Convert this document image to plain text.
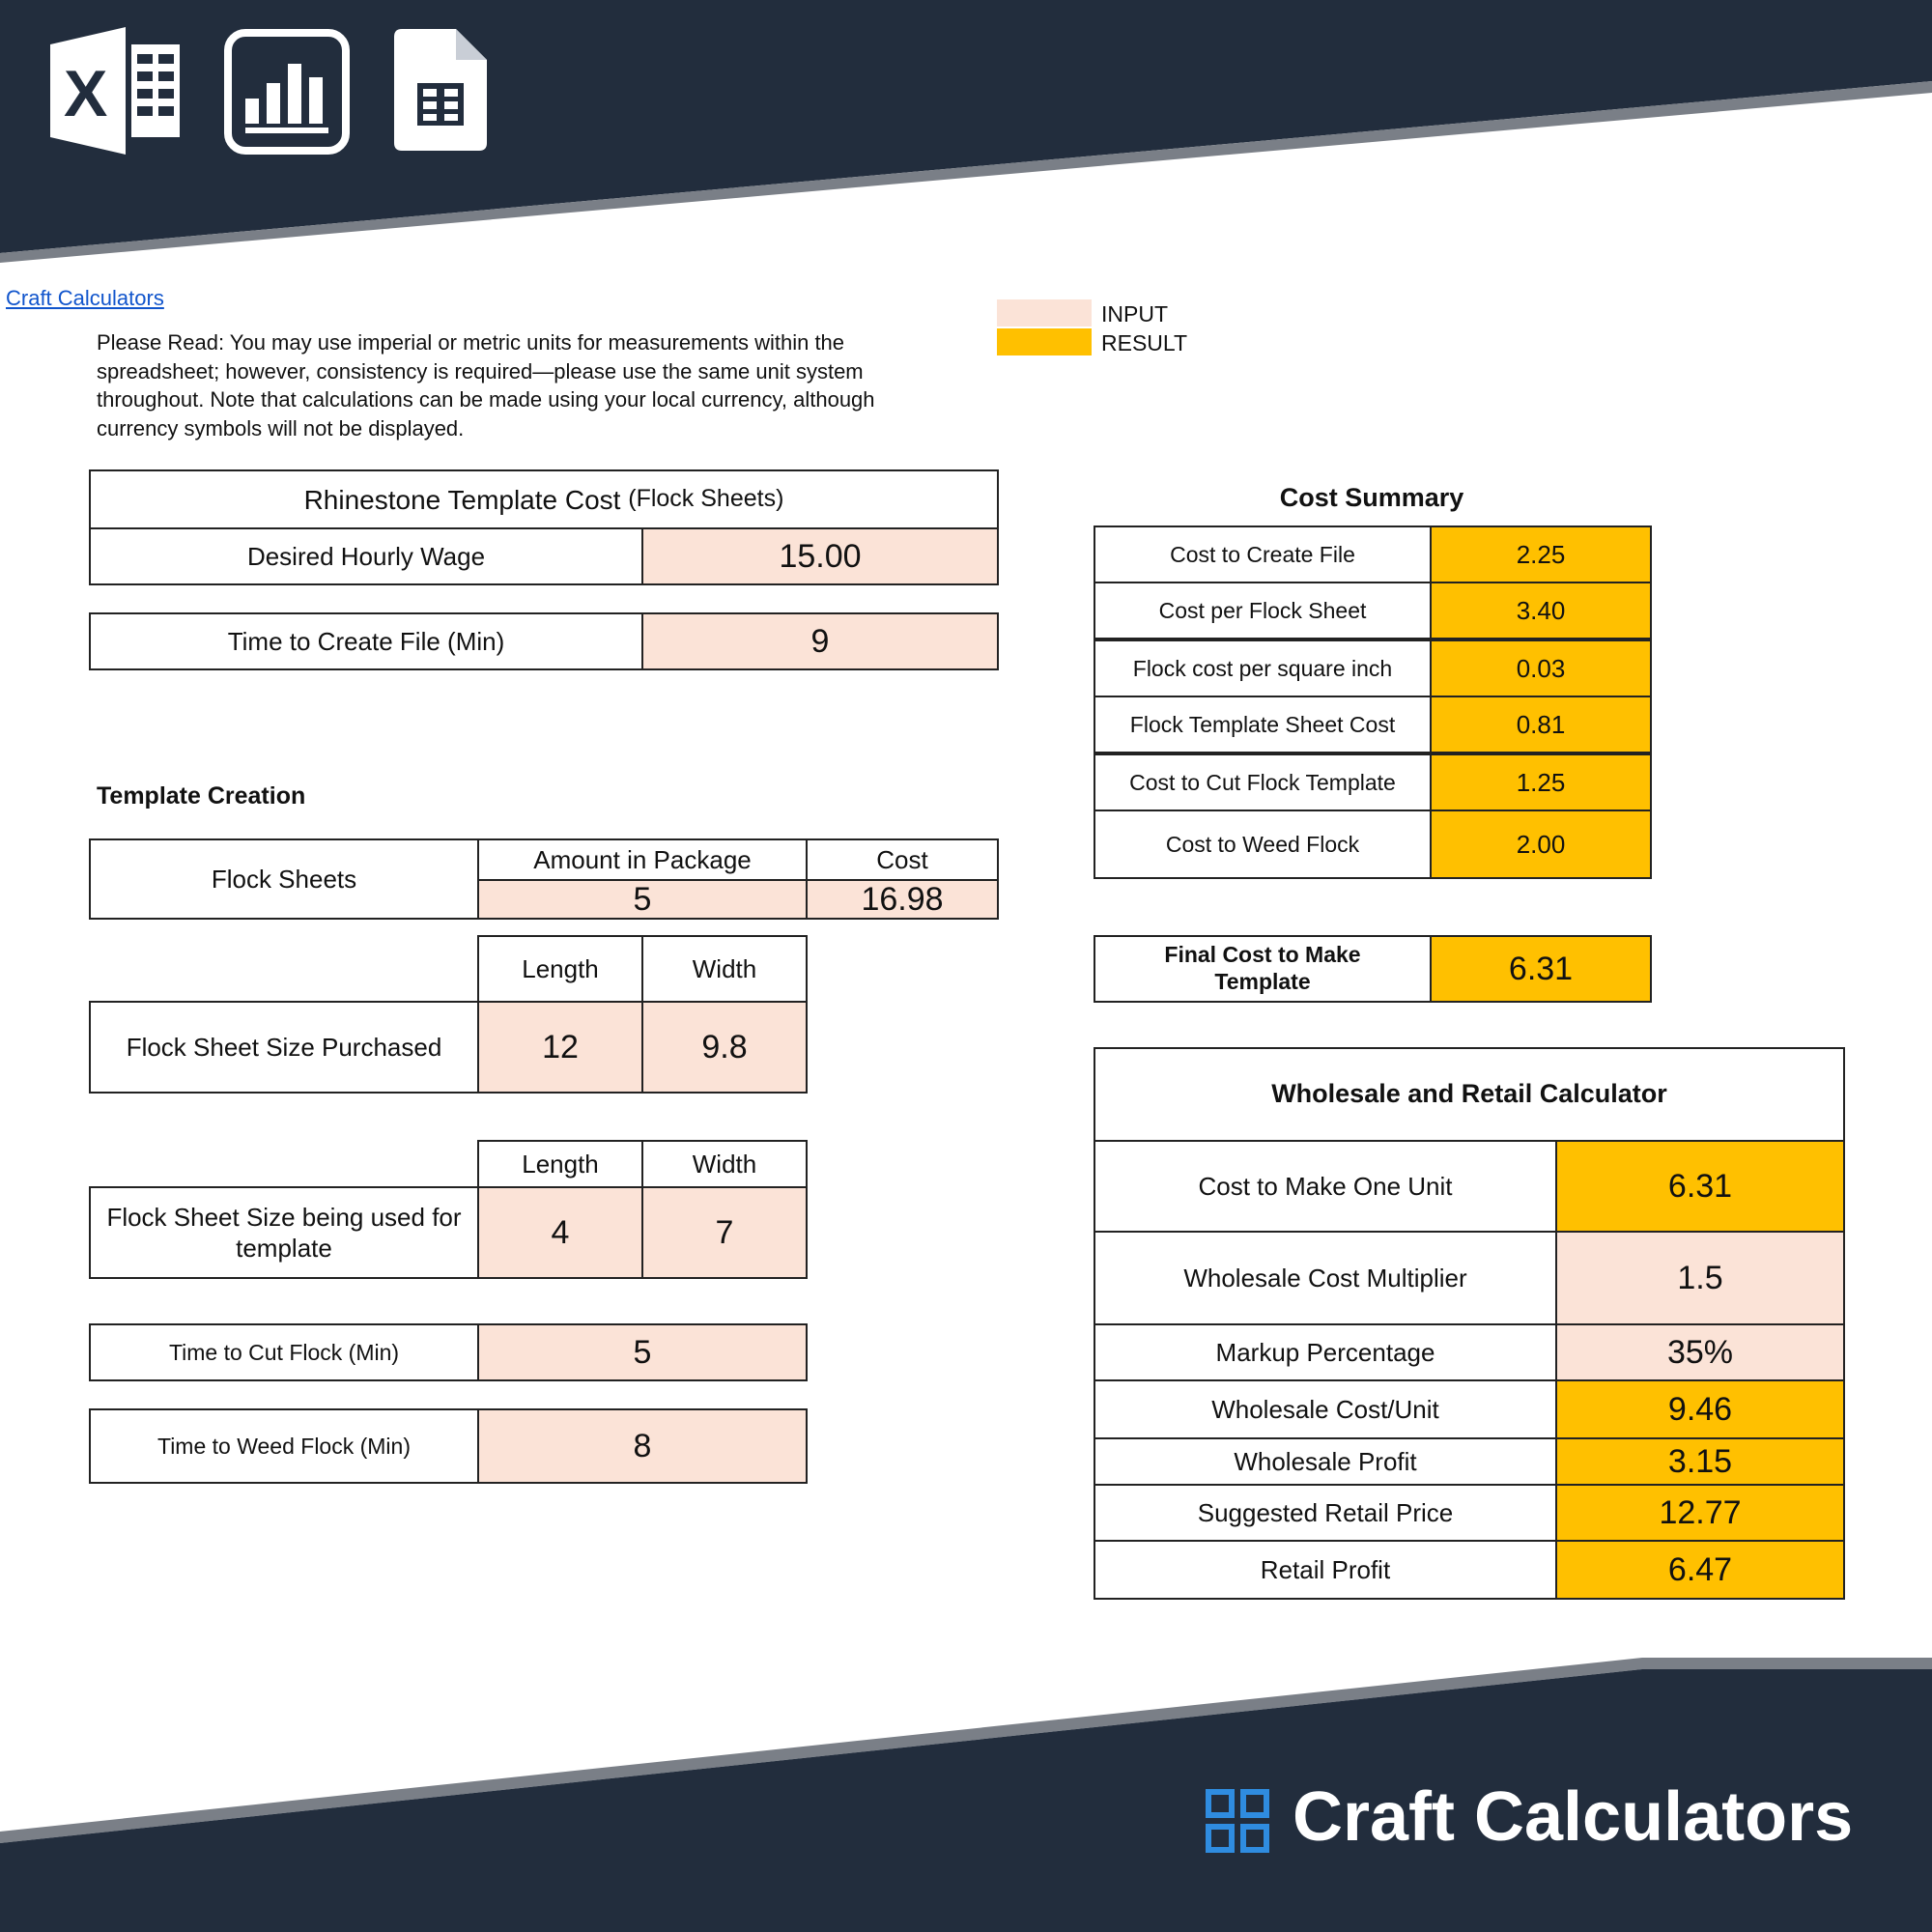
X
Craft Calculators
Please Read: You may use imperial or metric units for measurements within the spreadsheet; however, consistency is required—please use the same unit system throughout. Note that calculations can be made using your local currency, although currency symbols will not be displayed.
INPUT
RESULT
Rhinestone Template Cost
(Flock Sheets)
Desired Hourly Wage	15.00
Time to Create File (Min)	9
Template Creation
Flock Sheets
Amount in Package	Cost
5	16.98
Length	Width
Flock Sheet Size Purchased	12	9.8
Length	Width
Flock Sheet Size being used for template	4	7
Time to Cut Flock (Min)	5
Time to Weed Flock (Min)	8
Cost Summary
Cost to Create File	2.25
Cost per Flock Sheet	3.40
Flock cost per square inch	0.03
Flock Template Sheet Cost	0.81
Cost to Cut Flock Template	1.25
Cost to Weed Flock	2.00
Final Cost to Make Template	6.31
Wholesale and Retail Calculator
Cost to Make One Unit	6.31
Wholesale Cost Multiplier	1.5
Markup Percentage	35%
Wholesale Cost/Unit	9.46
Wholesale Profit	3.15
Suggested Retail Price	12.77
Retail Profit	6.47
Craft Calculators
